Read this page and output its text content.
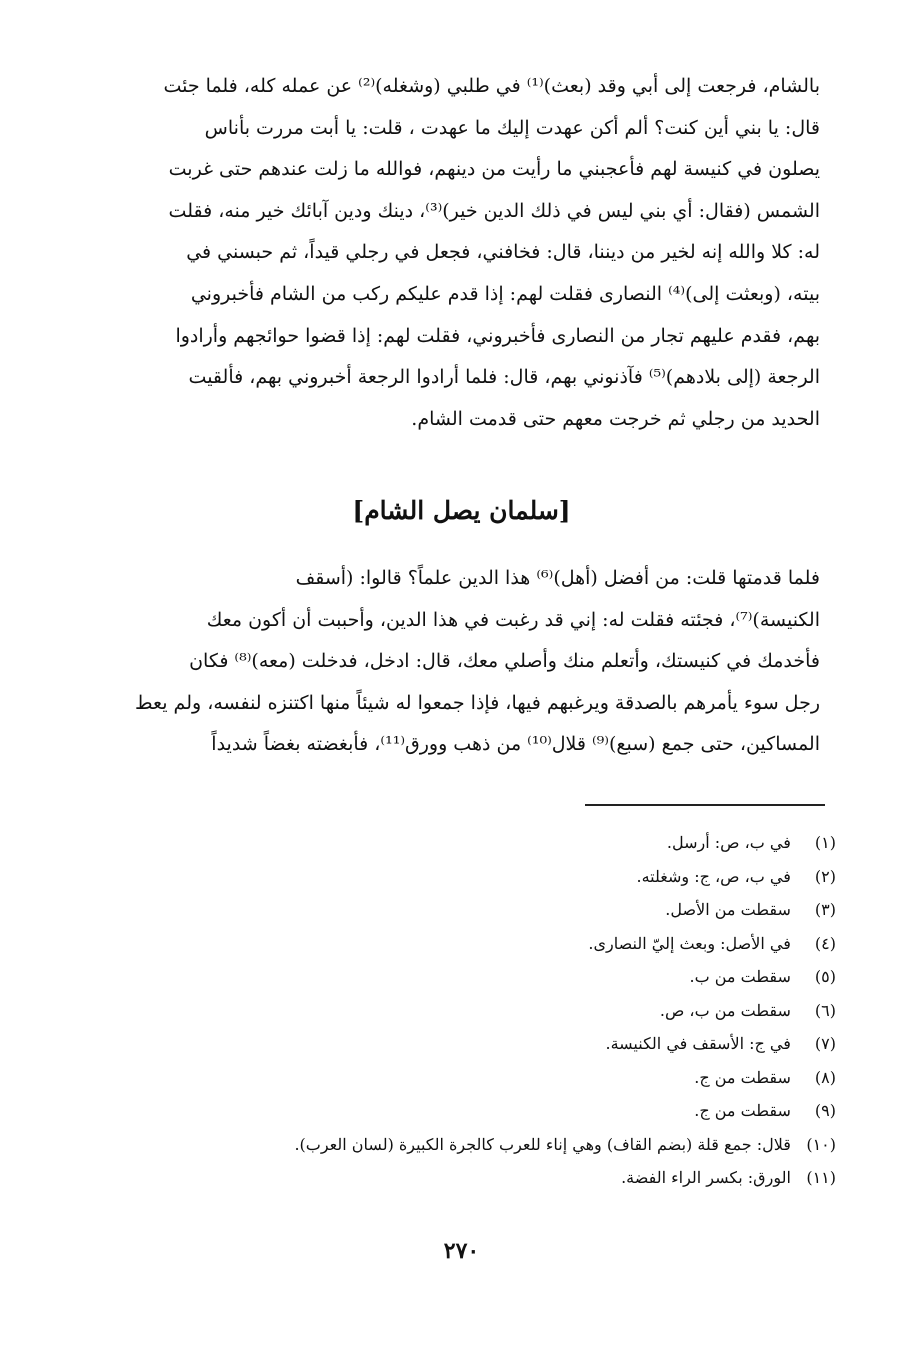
بالشام، فرجعت إلى أبي وقد (بعث)⁽¹⁾ في طلبي (وشغله)⁽²⁾ عن عمله كله، فلما جئت

قال: يا بني أين كنت؟ ألم أكن عهدت إليك ما عهدت ، قلت: يا أبت مررت بأناس

يصلون في كنيسة لهم فأعجبني ما رأيت من دينهم، فوالله ما زلت عندهم حتى غربت

الشمس (فقال: أي بني ليس في ذلك الدين خير)⁽³⁾، دينك ودين آبائك خير منه، فقلت

له: كلا والله إنه لخير من ديننا، قال: فخافني، فجعل في رجلي قيداً، ثم حبسني في

بيته، (وبعثت إلى)⁽⁴⁾ النصارى فقلت لهم: إذا قدم عليكم ركب من الشام فأخبروني

بهم، فقدم عليهم تجار من النصارى فأخبروني، فقلت لهم: إذا قضوا حوائجهم وأرادوا

الرجعة (إلى بلادهم)⁽⁵⁾ فآذنوني بهم، قال: فلما أرادوا الرجعة أخبروني بهم، فألقيت

الحديد من رجلي ثم خرجت معهم حتى قدمت الشام.

[سلمان يصل الشام]

فلما قدمتها قلت: من أفضل (أهل)⁽⁶⁾ هذا الدين علماً؟ قالوا: (أسقف

الكنيسة)⁽⁷⁾، فجئته فقلت له: إني قد رغبت في هذا الدين، وأحببت أن أكون معك

فأخدمك في كنيستك، وأتعلم منك وأصلي معك، قال: ادخل، فدخلت (معه)⁽⁸⁾ فكان

رجل سوء يأمرهم بالصدقة ويرغبهم فيها، فإذا جمعوا له شيئاً منها اكتنزه لنفسه، ولم يعط

المساكين، حتى جمع (سبع)⁽⁹⁾ قلال⁽¹⁰⁾ من ذهب وورق⁽¹¹⁾، فأبغضته بغضاً شديداً

(١) في ب، ص: أرسل.
(٢) في ب، ص، ج: وشغلته.
(٣) سقطت من الأصل.
(٤) في الأصل: وبعث إليّ النصارى.
(٥) سقطت من ب.
(٦) سقطت من ب، ص.
(٧) في ج: الأسقف في الكنيسة.
(٨) سقطت من ج.
(٩) سقطت من ج.
(١٠) قلال: جمع قلة (بضم القاف) وهي إناء للعرب كالجرة الكبيرة (لسان العرب).
(١١) الورق: بكسر الراء الفضة.
٢٧٠
